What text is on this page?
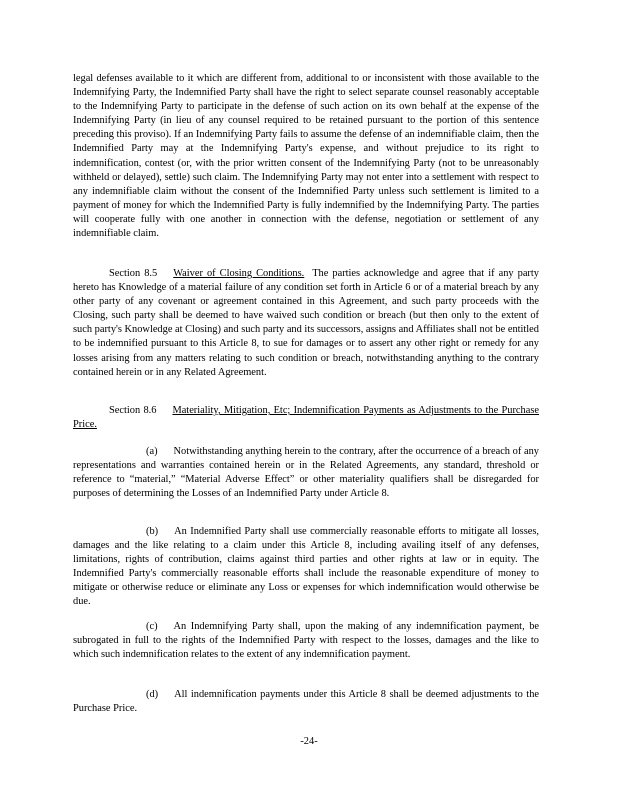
legal defenses available to it which are different from, additional to or inconsistent with those available to the Indemnifying Party, the Indemnified Party shall have the right to select separate counsel reasonably acceptable to the Indemnifying Party to participate in the defense of such action on its own behalf at the expense of the Indemnifying Party (in lieu of any counsel required to be retained pursuant to the portion of this sentence preceding this proviso). If an Indemnifying Party fails to assume the defense of an indemnifiable claim, then the Indemnified Party may at the Indemnifying Party's expense, and without prejudice to its right to indemnification, contest (or, with the prior written consent of the Indemnifying Party (not to be unreasonably withheld or delayed), settle) such claim. The Indemnifying Party may not enter into a settlement with respect to any indemnifiable claim without the consent of the Indemnified Party unless such settlement is limited to a payment of money for which the Indemnified Party is fully indemnified by the Indemnifying Party. The parties will cooperate fully with one another in connection with the defense, negotiation or settlement of any indemnifiable claim.

Section 8.5 Waiver of Closing Conditions. The parties acknowledge and agree that if any party hereto has Knowledge of a material failure of any condition set forth in Article 6 or of a material breach by any other party of any covenant or agreement contained in this Agreement, and such party proceeds with the Closing, such party shall be deemed to have waived such condition or breach (but then only to the extent of such party's Knowledge at Closing) and such party and its successors, assigns and Affiliates shall not be entitled to be indemnified pursuant to this Article 8, to sue for damages or to assert any other right or remedy for any losses arising from any matters relating to such condition or breach, notwithstanding anything to the contrary contained herein or in any Related Agreement.

Section 8.6 Materiality, Mitigation, Etc; Indemnification Payments as Adjustments to the Purchase Price.

(a) Notwithstanding anything herein to the contrary, after the occurrence of a breach of any representations and warranties contained herein or in the Related Agreements, any standard, threshold or reference to “material,” “Material Adverse Effect” or other materiality qualifiers shall be disregarded for purposes of determining the Losses of an Indemnified Party under Article 8.

(b) An Indemnified Party shall use commercially reasonable efforts to mitigate all losses, damages and the like relating to a claim under this Article 8, including availing itself of any defenses, limitations, rights of contribution, claims against third parties and other rights at law or in equity. The Indemnified Party's commercially reasonable efforts shall include the reasonable expenditure of money to mitigate or otherwise reduce or eliminate any Loss or expenses for which indemnification would otherwise be due.

(c) An Indemnifying Party shall, upon the making of any indemnification payment, be subrogated in full to the rights of the Indemnified Party with respect to the losses, damages and the like to which such indemnification relates to the extent of any indemnification payment.

(d) All indemnification payments under this Article 8 shall be deemed adjustments to the Purchase Price.

-24-
